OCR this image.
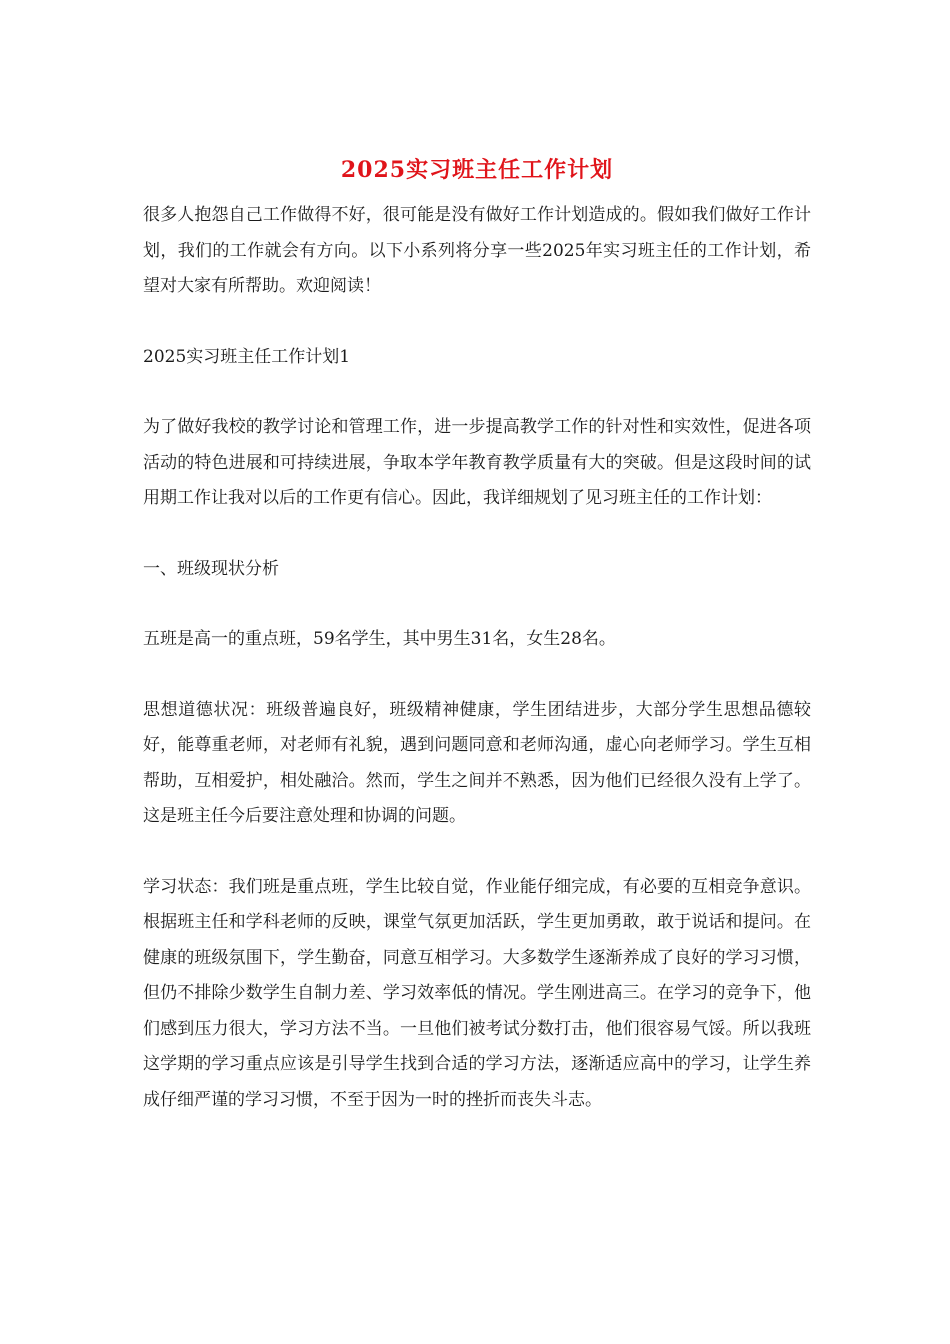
2025实习班主任工作计划

很多人抱怨自己工作做得不好，很可能是没有做好工作计划造成的。假如我们做好工作计划，我们的工作就会有方向。以下小系列将分享一些2025年实习班主任的工作计划，希望对大家有所帮助。欢迎阅读！

2025实习班主任工作计划1

为了做好我校的教学讨论和管理工作，进一步提高教学工作的针对性和实效性，促进各项活动的特色进展和可持续进展，争取本学年教育教学质量有大的突破。但是这段时间的试用期工作让我对以后的工作更有信心。因此，我详细规划了见习班主任的工作计划：

一、班级现状分析

五班是高一的重点班，59名学生，其中男生31名，女生28名。

思想道德状况：班级普遍良好，班级精神健康，学生团结进步，大部分学生思想品德较好，能尊重老师，对老师有礼貌，遇到问题同意和老师沟通，虚心向老师学习。学生互相帮助，互相爱护，相处融洽。然而，学生之间并不熟悉，因为他们已经很久没有上学了。这是班主任今后要注意处理和协调的问题。

学习状态：我们班是重点班，学生比较自觉，作业能仔细完成，有必要的互相竞争意识。根据班主任和学科老师的反映，课堂气氛更加活跃，学生更加勇敢，敢于说话和提问。在健康的班级氛围下，学生勤奋，同意互相学习。大多数学生逐渐养成了良好的学习习惯，但仍不排除少数学生自制力差、学习效率低的情况。学生刚进高三。在学习的竞争下，他们感到压力很大，学习方法不当。一旦他们被考试分数打击，他们很容易气馁。所以我班这学期的学习重点应该是引导学生找到合适的学习方法，逐渐适应高中的学习，让学生养成仔细严谨的学习习惯，不至于因为一时的挫折而丧失斗志。
